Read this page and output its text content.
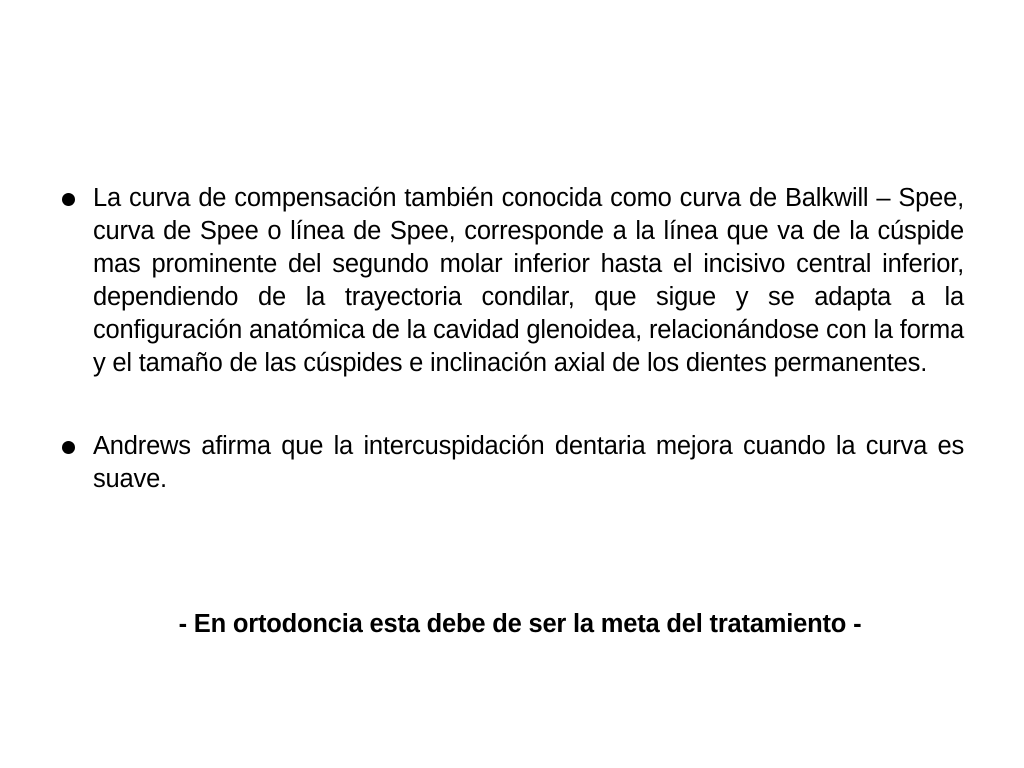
La curva de compensación también conocida como curva de Balkwill – Spee, curva de Spee o línea de Spee, corresponde a la línea que va de la cúspide mas prominente del segundo molar inferior hasta el incisivo central inferior, dependiendo de la trayectoria condilar, que sigue y se adapta a la configuración anatómica de la cavidad glenoidea, relacionándose con la forma y el tamaño de las cúspides e inclinación axial de los dientes permanentes.
Andrews afirma que la intercuspidación dentaria mejora cuando la curva es suave.
- En ortodoncia esta debe de ser la meta del tratamiento -
